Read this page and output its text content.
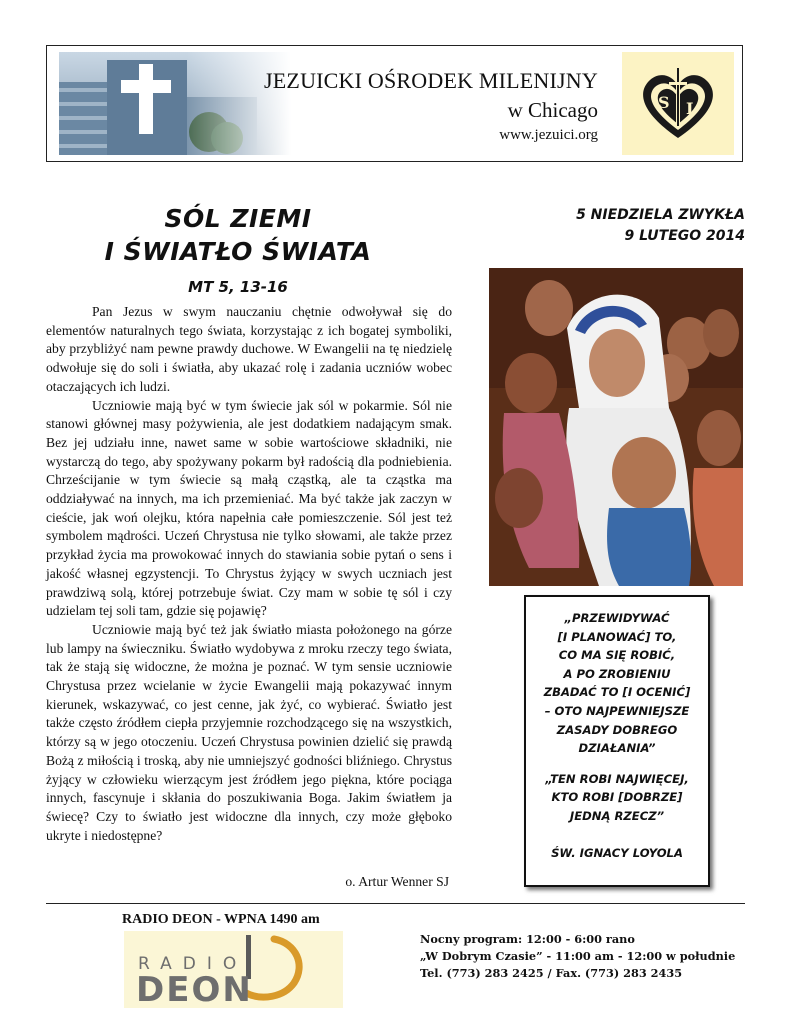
JEZUICKI OŚRODEK MILENIJNY
w Chicago
www.jezuici.org
S I
SÓL ZIEMI
I ŚWIATŁO ŚWIATA
MT 5, 13-16
5 NIEDZIELA ZWYKŁA
9 LUTEGO 2014

Pan Jezus w swym nauczaniu chętnie odwoływał się do elementów naturalnych tego świata, korzystając z ich bogatej symboliki, aby przybliżyć nam pewne prawdy duchowe. W Ewangelii na tę niedzielę odwołuje się do soli i światła, aby ukazać rolę i zadania uczniów wobec otaczających ich ludzi.

Uczniowie mają być w tym świecie jak sól w pokarmie. Sól nie stanowi głównej masy pożywienia, ale jest dodatkiem nadającym smak. Bez jej udziału inne, nawet same w sobie wartościowe składniki, nie wystarczą do tego, aby spożywany pokarm był radością dla podniebienia. Chrześcijanie w tym świecie są małą cząstką, ale ta cząstka ma oddziaływać na innych, ma ich przemieniać. Ma być także jak zaczyn w cieście, jak woń olejku, która napełnia całe pomieszczenie. Sól jest też symbolem mądrości. Uczeń Chrystusa nie tylko słowami, ale także przez przykład życia ma prowokować innych do stawiania sobie pytań o sens i jakość własnej egzystencji. To Chrystus żyjący w swych uczniach jest prawdziwą solą, której potrzebuje świat. Czy mam w sobie tę sól i czy udzielam tej soli tam, gdzie się pojawię?

Uczniowie mają być też jak światło miasta położonego na górze lub lampy na świeczniku. Światło wydobywa z mroku rzeczy tego świata, tak że stają się widoczne, że można je poznać. W tym sensie uczniowie Chrystusa przez wcielanie w życie Ewangelii mają pokazywać innym kierunek, wskazywać, co jest cenne, jak żyć, co wybierać. Światło jest także często źródłem ciepła przyjemnie rozchodzącego się na wszystkich, którzy są w jego otoczeniu. Uczeń Chrystusa powinien dzielić się prawdą Bożą z miłością i troską, aby nie umniejszyć godności bliźniego. Chrystus żyjący w człowieku wierzącym jest źródłem jego piękna, które pociąga innych, fascynuje i skłania do poszukiwania Boga. Jakim światłem ja świecę? Czy to światło jest widoczne dla innych, czy może głęboko ukryte i niedostępne?

o. Artur Wenner SJ
„PRZEWIDYWAĆ
[I PLANOWAĆ] TO,
CO MA SIĘ ROBIĆ,
A PO ZROBIENIU
ZBADAĆ TO [I OCENIĆ]
– OTO NAJPEWNIEJSZE
ZASADY DOBREGO
DZIAŁANIA”
„TEN ROBI NAJWIĘCEJ,
KTO ROBI [DOBRZE]
JEDNĄ RZECZ”
ŚW. IGNACY LOYOLA
RADIO DEON - WPNA 1490 am
RADIO
DEON
Nocny program: 12:00 - 6:00 rano
„W Dobrym Czasie” - 11:00 am - 12:00 w południe
Tel. (773) 283 2425 / Fax. (773) 283 2435
